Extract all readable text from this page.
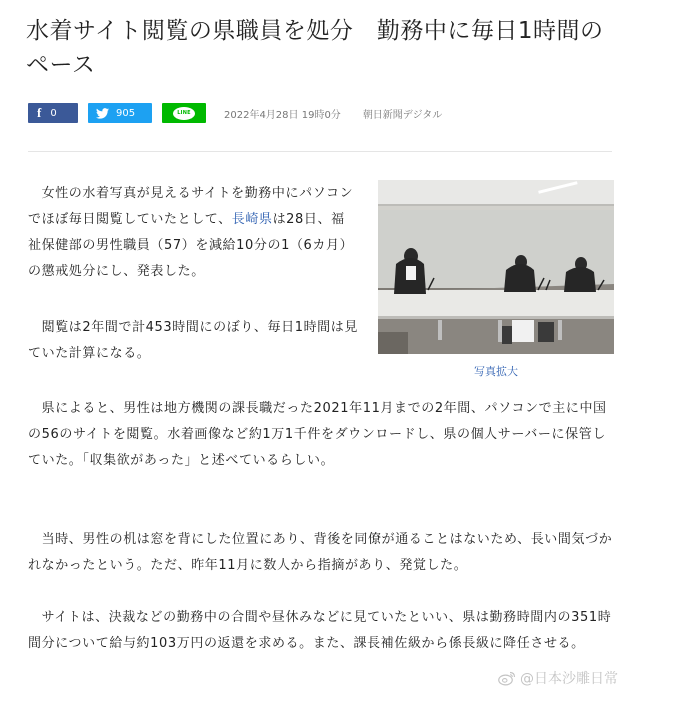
水着サイト閲覧の県職員を処分　勤務中に毎日1時間のペース
f 0	905	LINE	2022年4月28日 19時0分 朝日新聞デジタル
写真拡大

　女性の水着写真が見えるサイトを勤務中にパソコンでほぼ毎日閲覧していたとして、長崎県は28日、福祉保健部の男性職員（57）を減給10分の1（6カ月）の懲戒処分にし、発表した。

　閲覧は2年間で計453時間にのぼり、毎日1時間は見ていた計算になる。

　県によると、男性は地方機関の課長職だった2021年11月までの2年間、パソコンで主に中国の56のサイトを閲覧。水着画像など約1万1千件をダウンロードし、県の個人サーバーに保管していた。「収集欲があった」と述べているらしい。

　当時、男性の机は窓を背にした位置にあり、背後を同僚が通ることはないため、長い間気づかれなかったという。ただ、昨年11月に数人から指摘があり、発覚した。

　サイトは、決裁などの勤務中の合間や昼休みなどに見ていたといい、県は勤務時間内の351時間分について給与約103万円の返還を求める。また、課長補佐級から係長級に降任させる。

@日本沙雕日常
